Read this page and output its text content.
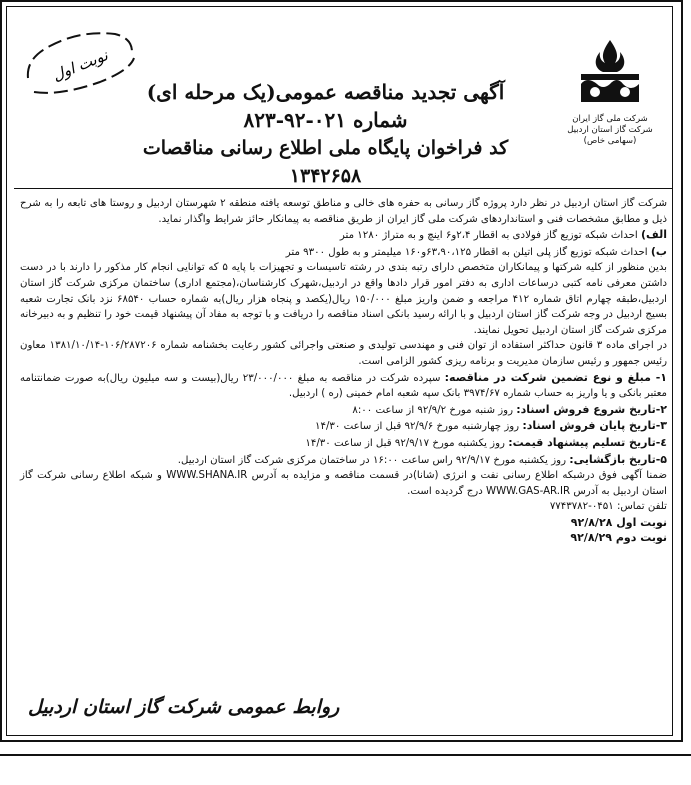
نوبت اول
شرکت ملی گاز ایران
شرکت گاز استان اردبیل
(سهامی خاص)
آگهی تجدید مناقصه عمومی(یک مرحله ای)
شماره ۰۲۱-۹۲-۸۲۳
کد فراخوان پایگاه ملی اطلاع رسانی مناقصات ۱۳۴۲۶۵۸

شرکت گاز استان اردبیل در نظر دارد پروژه گاز رسانی به حفره های خالی و مناطق توسعه یافته منطقه ۲ شهرستان اردبیل و روستا های تابعه را به شرح ذیل و مطابق مشخصات فنی و استانداردهای شرکت ملی گاز ایران از طریق مناقصه به پیمانکار حائز شرایط واگذار نماید.

الف) احداث شبکه توزیع گاز فولادی به اقطار ۲،۴و۶ اینچ و به متراژ ۱۲۸۰ متر

ب) احداث شبکه توزیع گاز پلی اتیلن به اقطار ۶۳،۹۰،۱۲۵و۱۶۰ میلیمتر و به طول ۹۳۰۰ متر

بدین منظور از کلیه شرکتها و پیمانکاران متخصص دارای رتبه بندی در رشته تاسیسات و تجهیزات با پایه ۵ که توانایی انجام کار مذکور را دارند با در دست داشتن معرفی نامه کتبی درساعات اداری به دفتر امور قرار دادها واقع در اردبیل،شهرک کارشناسان،(مجتمع اداری) ساختمان مرکزی شرکت گاز استان اردبیل،طبقه چهارم اتاق شماره ۴۱۲ مراجعه و ضمن واریز مبلغ ۱۵۰/۰۰۰ ریال(یکصد و پنجاه هزار ریال)به شماره حساب ۶۸۵۴۰ نزد بانک تجارت شعبه بسیج اردبیل در وجه شرکت گاز استان اردبیل و با ارائه رسید بانکی اسناد مناقصه را دریافت و با توجه به مفاد آن پیشنهاد قیمت خود را تنظیم و به دبیرخانه مرکزی شرکت گاز استان اردبیل تحویل نمایند.

در اجرای ماده ۳ قانون حداکثر استفاده از توان فنی و مهندسی تولیدی و صنعتی واجرائی کشور رعایت بخشنامه شماره ۱۰۶/۲۸۷۲۰۶-۱۳۸۱/۱۰/۱۴ معاون رئیس جمهور و رئیس سازمان مدیریت و برنامه ریزی کشور الزامی است.

۱- مبلغ و نوع تضمین شرکت در مناقصه: سپرده شرکت در مناقصه به مبلغ ۲۳/۰۰۰/۰۰۰ ریال(بیست و سه میلیون ریال)به صورت ضمانتنامه معتبر بانکی و یا واریز به حساب شماره ۳۹۷۴/۶۷ بانک سپه شعبه امام خمینی (ره ) اردبیل.

۲-تاریخ شروع فروش اسناد: روز شنبه مورخ ۹۲/۹/۲ از ساعت ۸:۰۰

۳-تاریخ پایان فروش اسناد: روز چهارشنبه مورخ ۹۲/۹/۶ قبل از ساعت ۱۴/۳۰

٤-تاریخ تسلیم پیشنهاد قیمت: روز یکشنبه مورخ ۹۲/۹/۱۷ قبل از ساعت ۱۴/۳۰

۵-تاریخ بازگشایی: روز یکشنبه مورخ ۹۲/۹/۱۷ راس ساعت ۱۶:۰۰ در ساختمان مرکزی شرکت گاز استان اردبیل.

ضمنا آگهی فوق درشبکه اطلاع رسانی نفت و انرژی (شانا)در قسمت مناقصه و مزایده به آدرس WWW.SHANA.IR و شبکه اطلاع رسانی شرکت گاز استان اردبیل به آدرس WWW.GAS-AR.IR درج گردیده است.

تلفن تماس: ۰۴۵۱-۷۷۴۳۷۸۲

نوبت اول ۹۲/۸/۲۸

نوبت دوم ۹۲/۸/۲۹

روابط عمومی شرکت گاز استان اردبیل
